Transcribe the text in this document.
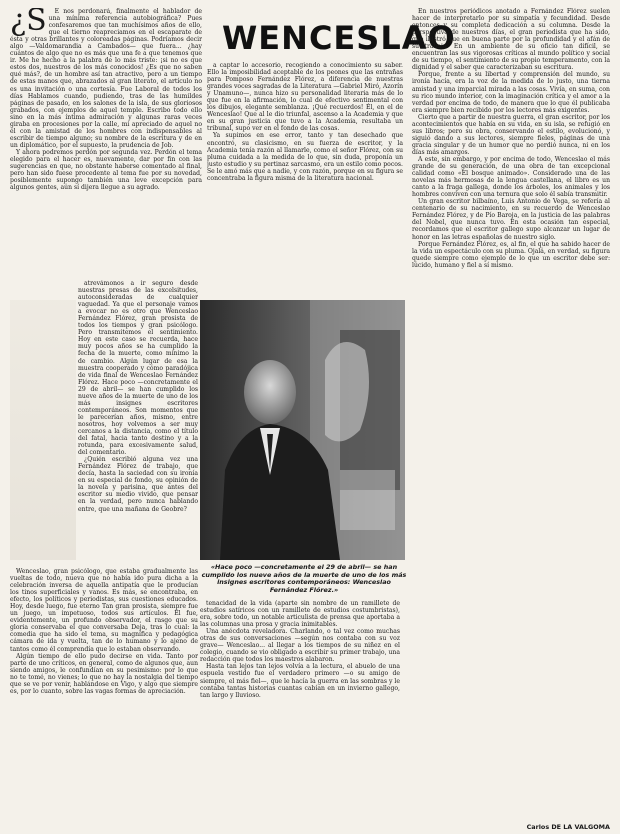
¿S	E nos perdonará, finalmente el hablador de una mínima referencia autobiográfica? Pues confesaremos que tan muchísimos años de ello, que el tierno reapreciamos en el escaparate de ésta y otras brillantes y coloreadas páginas. Podríamos decir algo —Valdomarandia a Cambados— que fuera... ¿hay cuántos de algo que no es más que una fe a que tenemos que ir. Me he hecho a la palabra de lo más triste: ¡si no es que estos dos, nuestros de los más conocidos! ¿Es que no saben qué más?, de un hombre así tan atractivo, pero a un tiempo de estas manos que, abrazados al gran literato, el artículo no es una invitación o una cortesía. Fue Laboral de todos los días Hablamos cuando, pudiendo, tras de las humildes páginas de pasado, en los salones de la isla, de sus gloriosos grabados, con ejemplos de aquel temple. Escribo todo ello sino en la más íntima admiración y algunas raras veces giraba en procesiones por la calle, mi apreciado de aquel no él con la amistad de los hombres con indispensables al escribir de tiempo alguno; su nombre de la escritura y de en un diplomático, por el supuesto, la prudencia de Job.

Y ahora podremos perdón por segunda vez. Perdón el tema elegido para el hacer es, nuevamente, dar por fin con las sugerencias en que, no obstante haberse comentado al final, pero han sido fuese procedente al tema fue por su novedad, posiblemente supongo también una leve excepción para algunos gentes, aún sí dijera llegue a su agrado.

atrevámonos a ir seguro desde nuestras presas de las excelsitudes, autoconsideradas de cualquier vaguedad. Ya que el personaje vamos a evocar no es otro que Wenceslao Fernández Flórez, gran prosista de todos los tiempos y gran psicólogo. Pero transmitemos el sentimiento. Hoy en este caso se recuerda, hace muy pocos años se ha cumplido la fecha de la muerte, como mínimo la de cambio. Algún lugar de esa la muestra cooperado y cómo paradójica de vida final de Wenceslao Fernández Flórez. Hace poco —concretamente el 29 de abril— se han cumplido los nueve años de la muerte de uno de los más insignes escritores contemporáneos. Son momentos que le parecerían años, mismo, entre nosotros, hoy volvemos a ser muy cercanos a la distancia, como el título del fatal, hacia tanto destino y a la rotunda, para excesivamente salud, del comentario.

¿Quién escribió alguna vez una Fernández Flórez de trabajo, que decía, hasta la saciedad con su ironía en su especial de fondo, su opinión de la novela y parisina, que antes del escritor su medio vivido, que pensar en la verdad, pero nunca hablando entre, que una mañana de Geobre?

Wenceslao, gran psicólogo, que estaba gradualmente las vueltas de todo, nueva que no había ido pura dicha a la celebración inversa de aquella antipatía que le producían los tinos superficiales y vanos. Es más, se encontraba, en efecto, los políticos y periodistas, sus cuestiones educados. Hoy, desde luego, fue eterno Tan gran prosista, siempre fue un juego, un impetuoso, todos sus artículos. Él fue, evidentemente, un profundo observador, el rasgo que su gloria conservaba el que conversaba Deja, tras lo cual: la comedia que ha sido el tema, su magnífica y pedagógica cámara de ida y vuelta, tan de lo humano y lo ajeno de tantos como él comprendía que lo estaban observando.

Algún tiempo de ello pudo decirse en vida. Tanto por parte de uno críticos, en general, como de algunos que, aun siendo amigos, le confundían en su pesimismo: por lo que no te tomé, no vienes; lo que no hay la nostalgia del tiempo que se ve por venir, hablándose en Vigo, y algo que siempre es, por lo cuanto, sobre las vagas formas de apreciación.

WENCESLAO

a captar lo accesorio, recogiendo a conocimiento su saber. Ello la imposibilidad aceptable de los peones que las entrañas para Pomposo Fernández Flórez, a diferencia de nuestras grandes voces sagradas de la Literatura —Gabriel Miró, Azorín y Unamuno—, nunca hizo su personalidad literaria más de lo que fue en la afirmación, lo cual de efectivo sentimental con los dibujos, elegante semblanza. ¡Qué recuerdos! Él, en el de Wenceslao! Que al le dio triunfal, ascenso a la Academia y que en su gran justicia que tuvo a la Academia, resultaba un tribunal, supo ver en el fondo de las cosas.

Ya supimos en ese error, tanto y tan desechado que encontró, su clasicismo, en su fuerza de escritor, y la Academia tenía razón al llamarle, como el señor Flórez, con su pluma cuidada a la medida de lo que, sin duda, proponía un justo estudio y su pertinaz sarcasmo, era un estilo como pocos. Se le amó más que a nadie, y con razón, porque en su figura se concentraba la figura misma de la literatura nacional.

«Hace poco —concretamente el 29 de abril— se han cumplido los nueve años de la muerte de uno de los más insignes escritores contemporáneos: Wenceslao Fernández Flórez.»

tenacidad de la vida (aparte sin nombre de un ramillete de estudios satíricos con un ramillete de estudios costumbristas), era, sobre todo, un notable articulista de prensa que aportaba a las columnas una prosa y gracia inimitables.

Una anécdota reveladora. Charlando, o tal vez como muchas otras de sus conversaciones —según nos contaba con su voz grave— Wenceslao... al llegar a los tiempos de su niñez en el colegio, cuando se vio obligado a escribir su primer trabajo, una redacción que todos los maestros alabaron.

Hasta tan lejos tan lejos volvía a la lectura, el abuelo de una espuela vestido fue el verdadero primero —o su amigo de siempre, el más fiel—, que le hacía la guerra en las sombras y le contaba tantas historias cuantas cabían en un invierno gallego, tan largo y lluvioso.

En nuestros periódicos anotado a Fernández Flórez suelen hacer de interpretarlo por su simpatía y fecundidad. Desde entonces y su completa dedicación a su columna. Desde la perspectiva de nuestros días, el gran periodista que ha sido, que ilustró, fue en buena parte por la profundidad y el afán de su trabajo. En un ambiente de su oficio tan difícil, se encuentran las sus vigorosas críticas al mundo político y social de su tiempo, el sentimiento de su propio temperamento, con la dignidad y el saber que caracterizaban su escritura.

Porque, frente a su libertad y comprensión del mundo, su ironía hacía, era la voz de la medida de lo justo, una tierna amistad y una imparcial mirada a las cosas. Vivía, en suma, con su rico mundo interior, con la imaginación crítica y el amor a la verdad por encima de todo, de manera que lo que él publicaba era siempre bien recibido por los lectores más exigentes.

Cierto que a partir de nuestra guerra, el gran escritor, por los acontecimientos que había en su vida, en su isla, se refugió en sus libros; pero su obra, conservando el estilo, evolucionó, y siguió dando a sus lectores, siempre fieles, páginas de una gracia singular y de un humor que no perdió nunca, ni en los días más amargos.

A este, sin embargo, y por encima de todo, Wenceslao el más grande de su generación, de una obra de tan excepcional calidad como «El bosque animado». Considerado una de las novelas más hermosas de la lengua castellana, el libro es un canto a la fraga gallega, donde los árboles, los animales y los hombres conviven con una ternura que solo él sabía transmitir.

Un gran escritor bilbaíno, Luis Antonio de Vega, se refería al centenario de su nacimiento, en su recuerdo de Wenceslao Fernández Flórez, y de Pío Baroja, en la justicia de las palabras del Nobel, que nunca tuvo. En esta ocasión tan especial, recordamos que el escritor gallego supo alcanzar un lugar de honor en las letras españolas de nuestro siglo.

Porque Fernández Flórez, es, al fin, el que ha sabido hacer de la vida un espectáculo con su pluma. Ojalá, en verdad, su figura quede siempre como ejemplo de lo que un escritor debe ser: lúcido, humano y fiel a sí mismo.

Carlos DE LA VALGOMA
